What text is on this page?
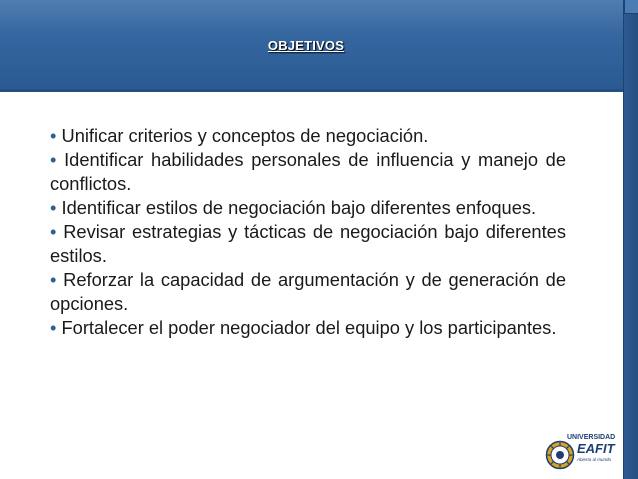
OBJETIVOS

• Unificar criterios y conceptos de negociación.

• Identificar habilidades personales de influencia y manejo de conflictos.

• Identificar estilos de negociación bajo diferentes enfoques.

• Revisar estrategias y tácticas de negociación bajo diferentes estilos.

• Reforzar la capacidad de argumentación y de generación de opciones.

• Fortalecer el poder negociador del equipo y los participantes.

UNIVERSIDAD
EAFIT
Abierta al mundo
